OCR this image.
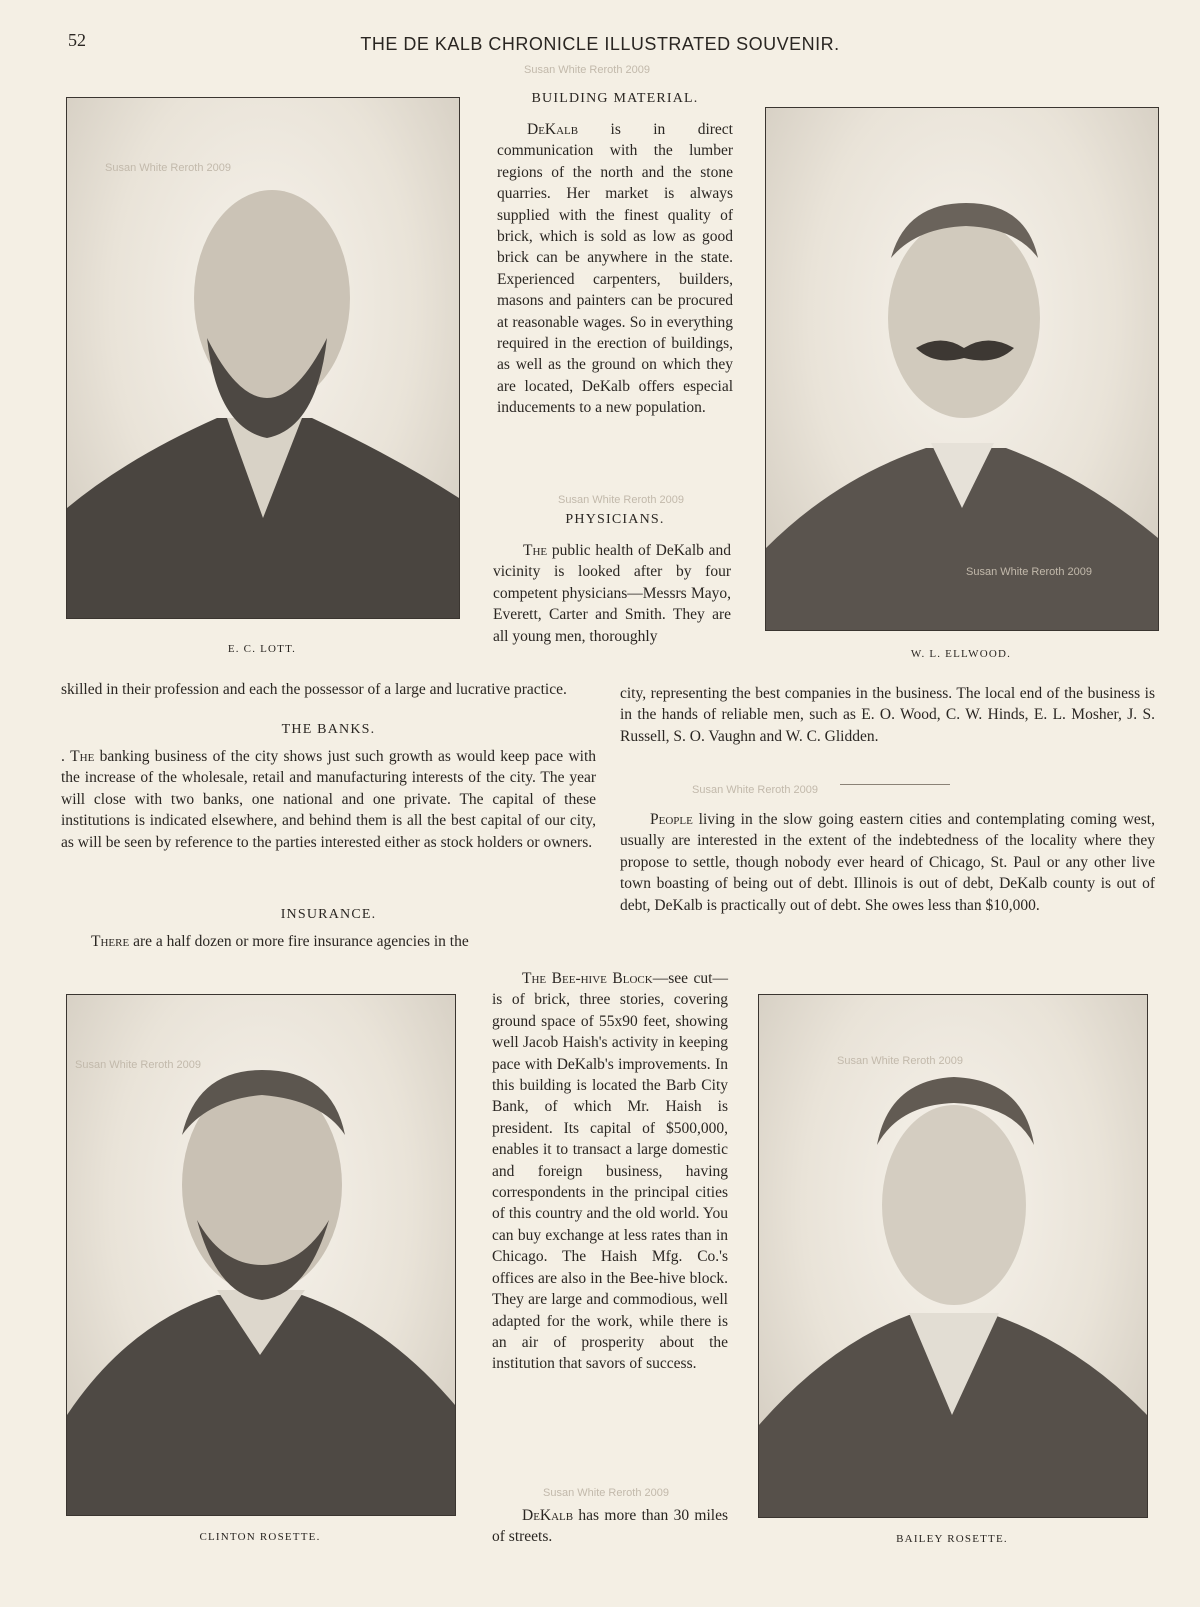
52	THE DE KALB CHRONICLE ILLUSTRATED SOUVENIR.
Susan White Reroth 2009
Susan White Reroth 2009
Susan White Reroth 2009
Susan White Reroth 2009
Susan White Reroth 2009
E. C. LOTT.
Susan White Reroth 2009
W. L. ELLWOOD.
Susan White Reroth 2009
CLINTON ROSETTE.
Susan White Reroth 2009
BAILEY ROSETTE.
BUILDING MATERIAL.

DeKalb is in direct communication with the lumber regions of the north and the stone quarries. Her market is always supplied with the finest quality of brick, which is sold as low as good brick can be anywhere in the state. Experienced carpenters, builders, masons and painters can be procured at reasonable wages. So in everything required in the erection of buildings, as well as the ground on which they are located, DeKalb offers especial inducements to a new population.

PHYSICIANS.

The public health of DeKalb and vicinity is looked after by four competent physicians—Messrs Mayo, Everett, Carter and Smith. They are all young men, thoroughly

skilled in their profession and each the possessor of a large and lucrative practice.

THE BANKS.

. The banking business of the city shows just such growth as would keep pace with the increase of the wholesale, retail and manufacturing interests of the city. The year will close with two banks, one national and one private. The capital of these institutions is indicated elsewhere, and behind them is all the best capital of our city, as will be seen by reference to the parties interested either as stock holders or owners.

INSURANCE.

There are a half dozen or more fire insurance agencies in the

city, representing the best companies in the business. The local end of the business is in the hands of reliable men, such as E. O. Wood, C. W. Hinds, E. L. Mosher, J. S. Russell, S. O. Vaughn and W. C. Glidden.

People living in the slow going eastern cities and contemplating coming west, usually are interested in the extent of the indebtedness of the locality where they propose to settle, though nobody ever heard of Chicago, St. Paul or any other live town boasting of being out of debt. Illinois is out of debt, DeKalb county is out of debt, DeKalb is practically out of debt. She owes less than $10,000.

The Bee-hive Block—see cut—is of brick, three stories, covering ground space of 55x90 feet, showing well Jacob Haish's activity in keeping pace with DeKalb's improvements. In this building is located the Barb City Bank, of which Mr. Haish is president. Its capital of $500,000, enables it to transact a large domestic and foreign business, having correspondents in the principal cities of this country and the old world. You can buy exchange at less rates than in Chicago. The Haish Mfg. Co.'s offices are also in the Bee-hive block. They are large and commodious, well adapted for the work, while there is an air of prosperity about the institution that savors of success.

DeKalb has more than 30 miles of streets.
